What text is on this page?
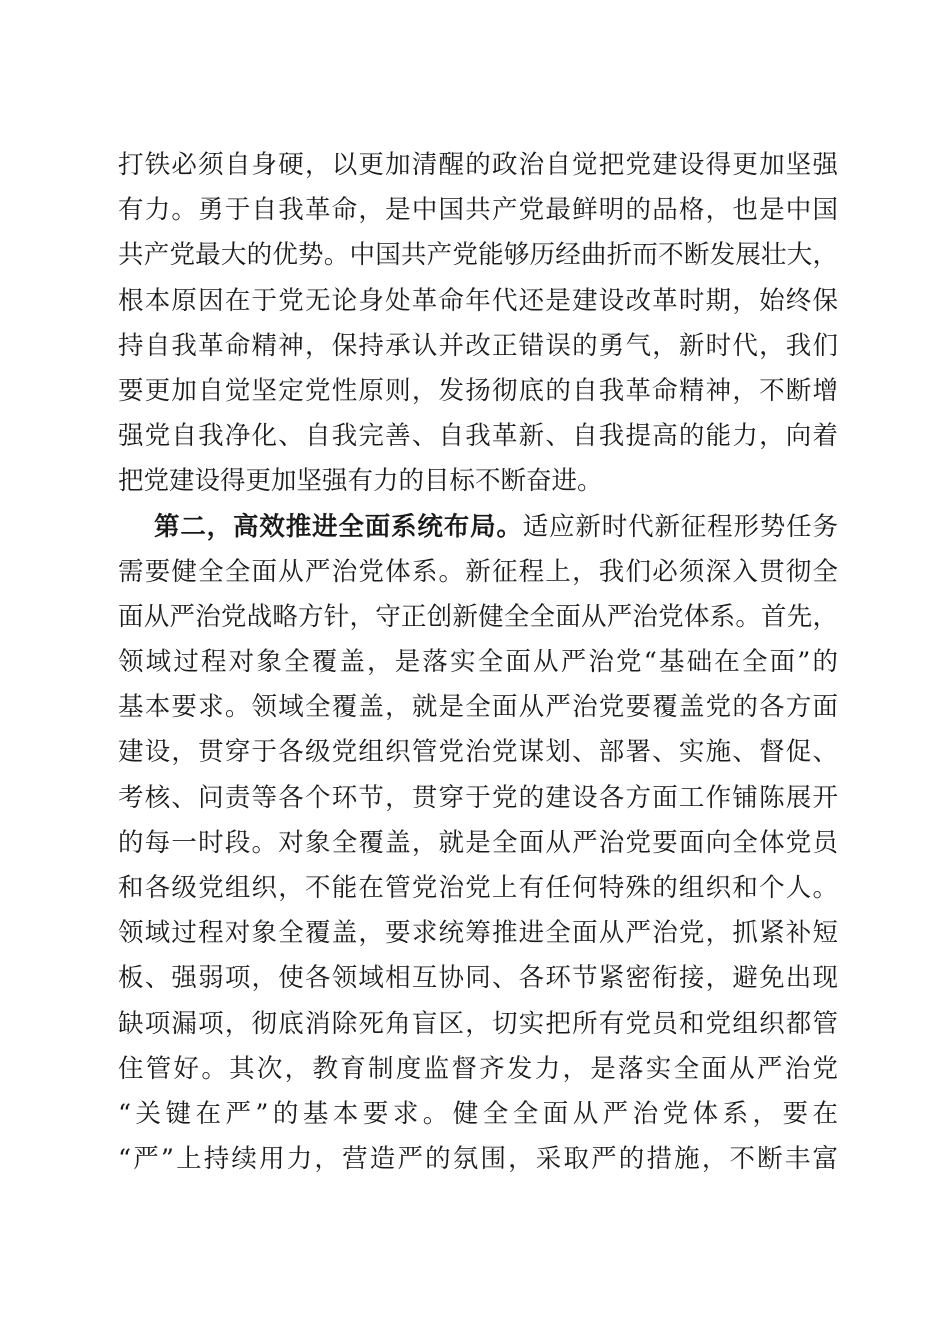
打铁必须自身硬，以更加清醒的政治自觉把党建设得更加坚强
有力。勇于自我革命，是中国共产党最鲜明的品格，也是中国
共产党最大的优势。中国共产党能够历经曲折而不断发展壮大，
根本原因在于党无论身处革命年代还是建设改革时期，始终保
持自我革命精神，保持承认并改正错误的勇气，新时代，我们
要更加自觉坚定党性原则，发扬彻底的自我革命精神，不断增
强党自我净化、自我完善、自我革新、自我提高的能力，向着
把党建设得更加坚强有力的目标不断奋进。
第二，高效推进全面系统布局。适应新时代新征程形势任务
需要健全全面从严治党体系。新征程上，我们必须深入贯彻全
面从严治党战略方针，守正创新健全全面从严治党体系。首先，
领域过程对象全覆盖，是落实全面从严治党“基础在全面”的
基本要求。领域全覆盖，就是全面从严治党要覆盖党的各方面
建设，贯穿于各级党组织管党治党谋划、部署、实施、督促、
考核、问责等各个环节，贯穿于党的建设各方面工作铺陈展开
的每一时段。对象全覆盖，就是全面从严治党要面向全体党员
和各级党组织，不能在管党治党上有任何特殊的组织和个人。
领域过程对象全覆盖，要求统筹推进全面从严治党，抓紧补短
板、强弱项，使各领域相互协同、各环节紧密衔接，避免出现
缺项漏项，彻底消除死角盲区，切实把所有党员和党组织都管
住管好。其次，教育制度监督齐发力，是落实全面从严治党
“关键在严”的基本要求。健全全面从严治党体系，要在
“严”上持续用力，营造严的氛围，采取严的措施，不断丰富
